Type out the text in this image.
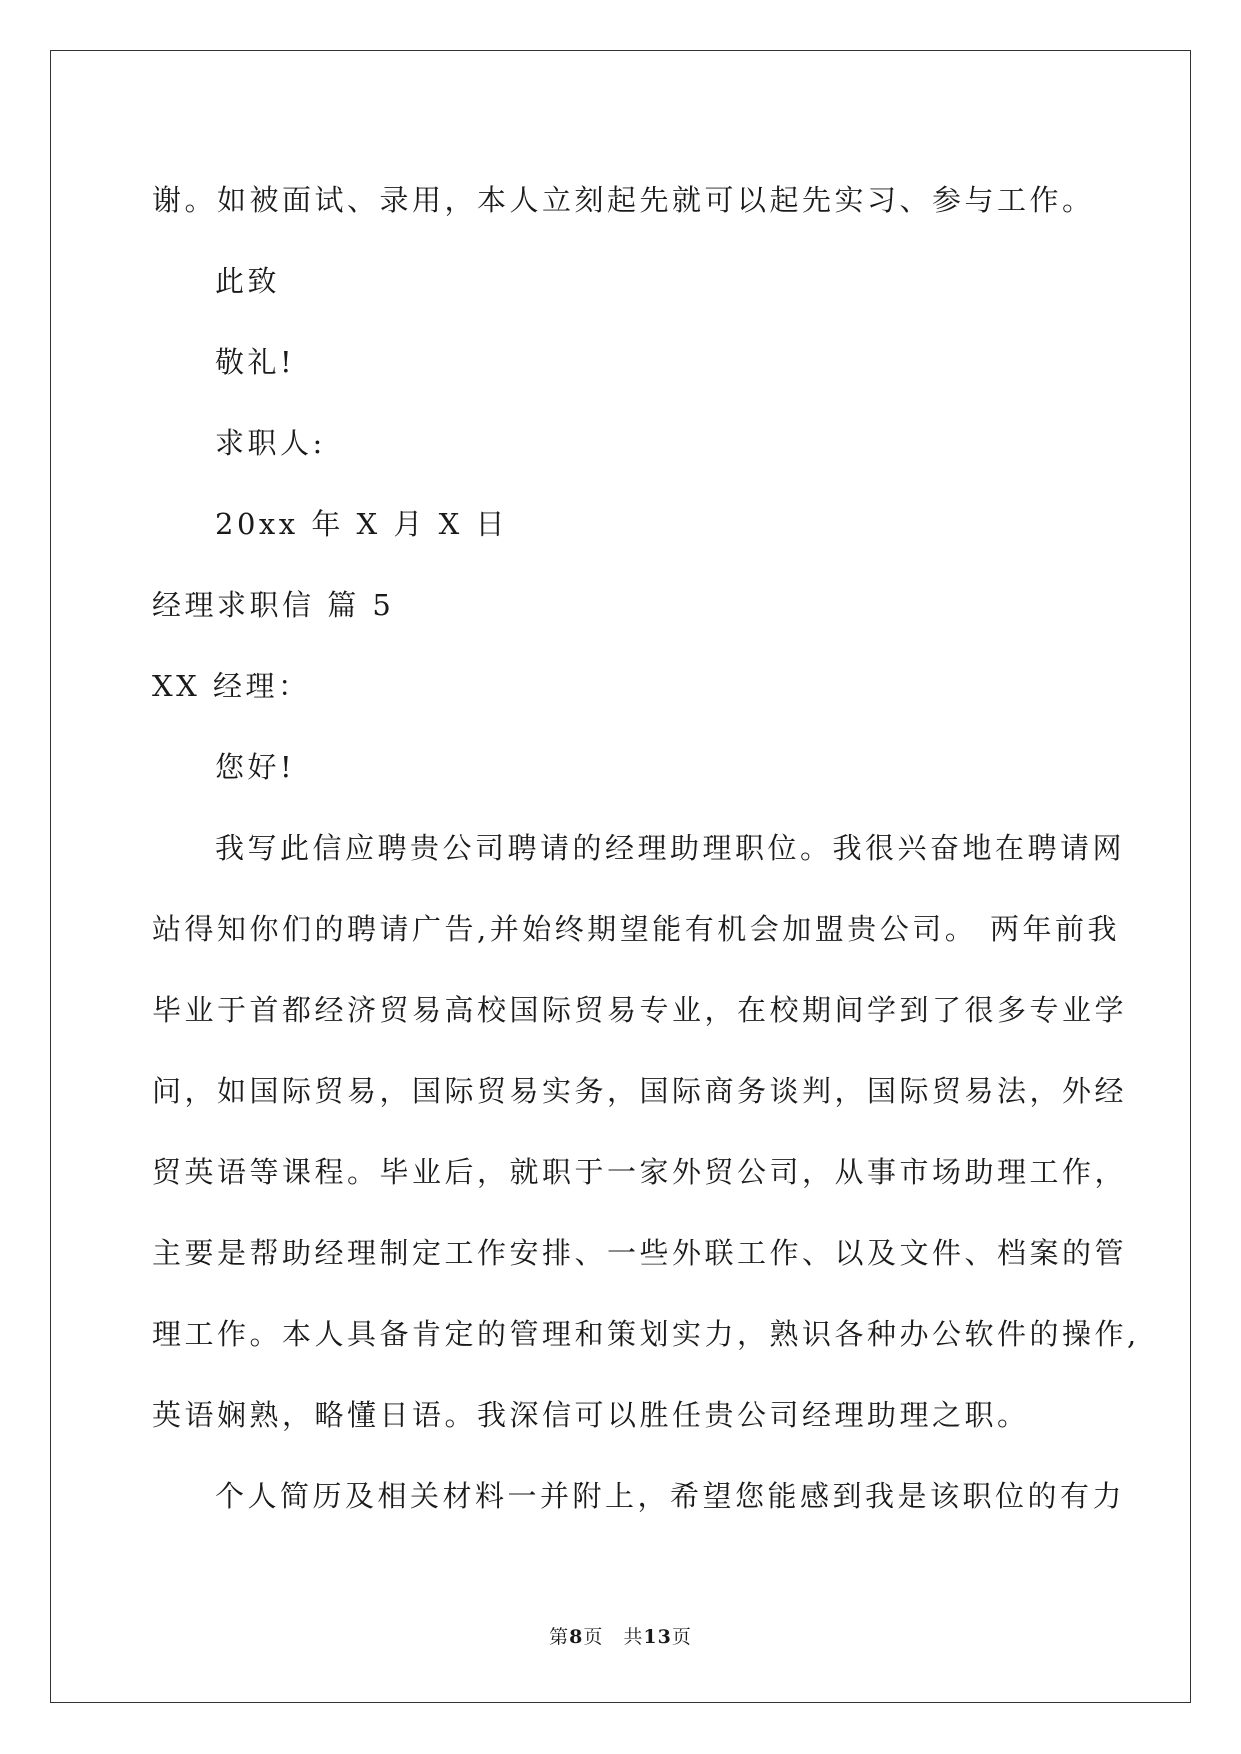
谢。如被面试、录用，本人立刻起先就可以起先实习、参与工作。
此致
敬礼!
求职人:
20xx 年 X 月 X 日
经理求职信 篇 5
XX 经理：
您好!
我写此信应聘贵公司聘请的经理助理职位。我很兴奋地在聘请网
站得知你们的聘请广告,并始终期望能有机会加盟贵公司。 两年前我
毕业于首都经济贸易高校国际贸易专业，在校期间学到了很多专业学
问，如国际贸易，国际贸易实务，国际商务谈判，国际贸易法，外经
贸英语等课程。毕业后，就职于一家外贸公司，从事市场助理工作，
主要是帮助经理制定工作安排、一些外联工作、以及文件、档案的管
理工作。本人具备肯定的管理和策划实力，熟识各种办公软件的操作,
英语娴熟，略懂日语。我深信可以胜任贵公司经理助理之职。
个人简历及相关材料一并附上，希望您能感到我是该职位的有力
第8页　共13页
